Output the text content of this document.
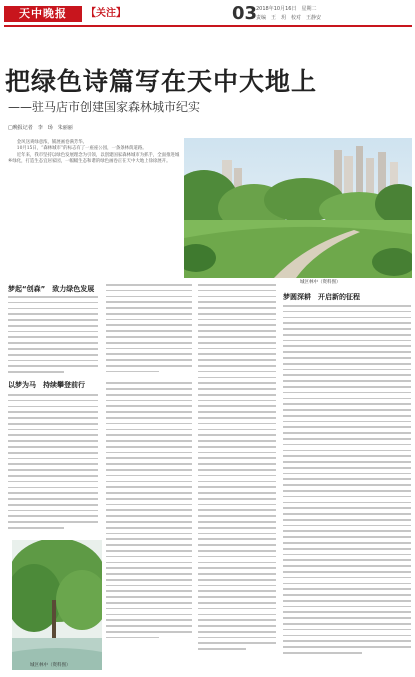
天中晚报	【关注】	03
2018年10月16日　星期二
责编　王　玥　校对　王静安
把绿色诗篇写在天中大地上
——驻马店市创建国家森林城市纪实
□晚报记者　李　玚　朱丽丽
　　金风送爽绿意浓，铺展画卷满芳华。
　　10月15日，“森林城市”的标志有了一座座公园，一条条林荫道路。
　　近年来，我市坚持以绿色发展理念为引领，以创建国家森林城市为抓手，全面推进城乡绿化，打造生态宜居家园，一幅幅生态和谐的绿色画卷正在天中大地上徐徐展开。
城区林中（资料图）
梦起“创森”　致力绿色发展
以梦为马　持续攀登前行
城区林中（资料图）
梦圆深耕　开启新的征程
